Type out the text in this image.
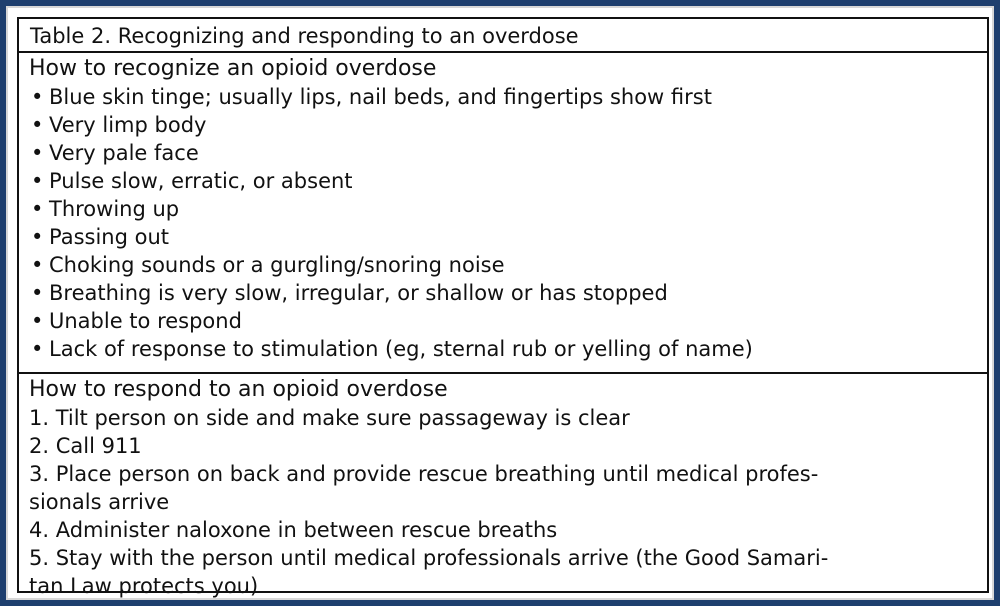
Table 2. Recognizing and responding to an overdose
How to recognize an opioid overdose
• Blue skin tinge; usually lips, nail beds, and fingertips show first
• Very limp body
• Very pale face
• Pulse slow, erratic, or absent
• Throwing up
• Passing out
• Choking sounds or a gurgling/snoring noise
• Breathing is very slow, irregular, or shallow or has stopped
• Unable to respond
• Lack of response to stimulation (eg, sternal rub or yelling of name)
How to respond to an opioid overdose
1. Tilt person on side and make sure passageway is clear
2. Call 911
3. Place person on back and provide rescue breathing until medical profes-
sionals arrive
4. Administer naloxone in between rescue breaths
5. Stay with the person until medical professionals arrive (the Good Samari-
tan Law protects you)
